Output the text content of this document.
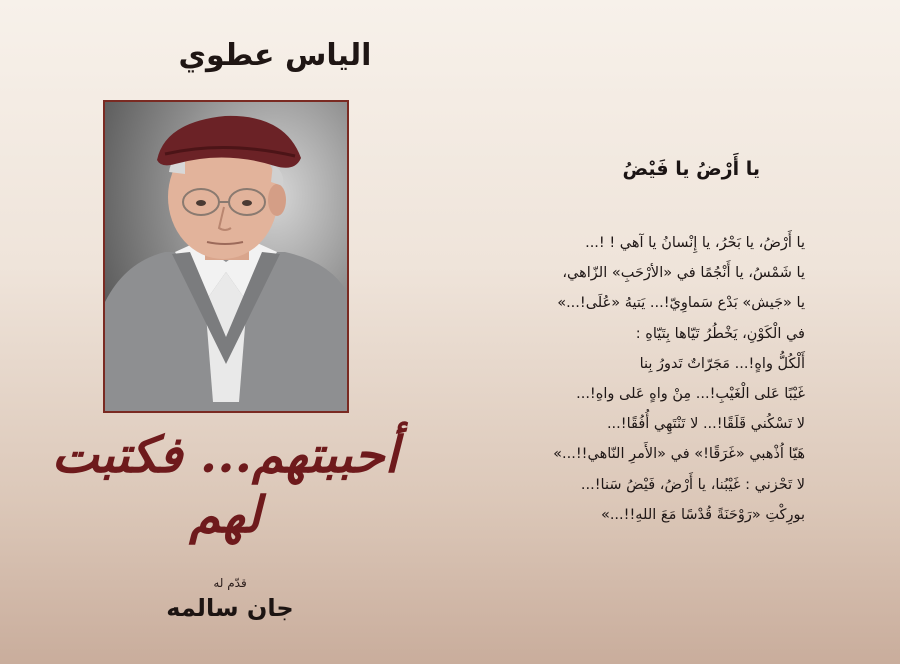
الياس عطوي
أحببتهم... فكتبت لهم
قدّم له
جان سالمه
يا أَرْضُ يا فَيْضُ
يا أَرْضُ، يا بَحْرُ، يا إِنْسانُ يا آهي ! !...
يا شَمْسُ، يا أَنْجُمًا في «الأرْحَبِ» الزّاهي،
يا «جَيش» بَدْع سَماوِيّ!... يَتيهُ «عُلَى!...»
في الْكَوْنِ، يَخْطُرُ تَيّاها بِتَيّاهِ :
أَلْكُلُّ واهٍ!... مَجَرّاتٌ تَدورُ بِنا
غَيْبًا عَلى الْغَيْبِ!... مِنْ واهٍ عَلى واهِ!...
لا تَسْكُني قَلَقًا!... لا تَنْتَهِي أُفُقًا!...
هَيّا اُذْهبي «غَرَقًا!» في «الأَمرِ النّاهي!!...»
لا تَحْزني : غَيْبُنا، يا أَرْضُ، فَيْضُ سَنا!...
بورِكْتِ «رَوْحَنَةً قُدْسًا مَعَ اللهِ!!...»
